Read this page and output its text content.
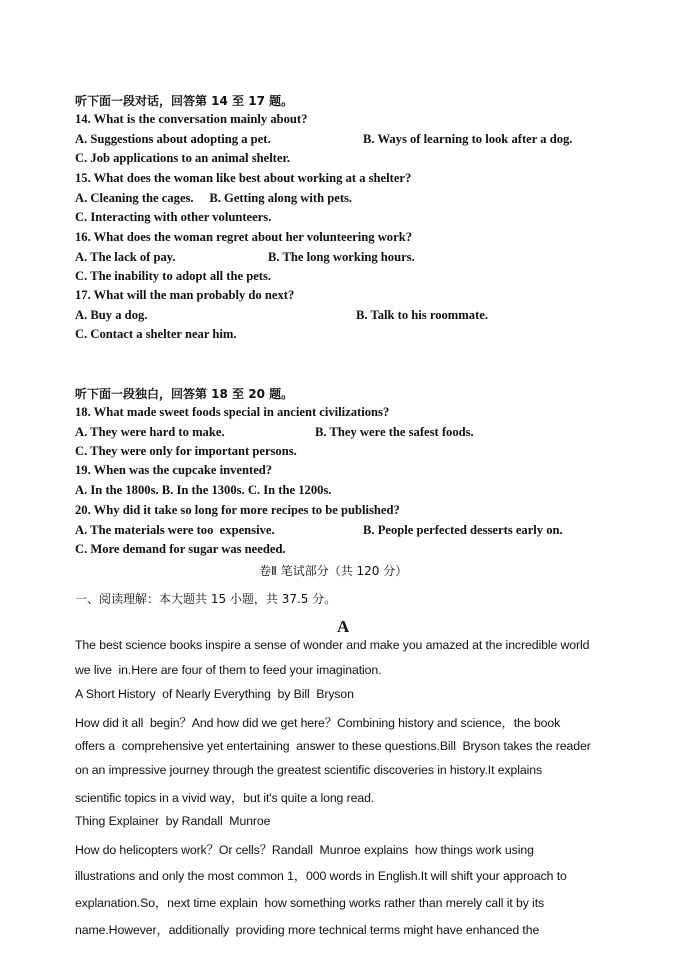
听下面一段对话，回答第 14 至 17 题。
14. What is the conversation mainly about?
A. Suggestions about adopting a pet.	B. Ways of learning to look after a dog.
C. Job applications to an animal shelter.
15. What does the woman like best about working at a shelter?
A. Cleaning the cages.     B. Getting along with pets.
C. Interacting with other volunteers.
16. What does the woman regret about her volunteering work?
A. The lack of pay.	B. The long working hours.
C. The inability to adopt all the pets.
17. What will the man probably do next?
A. Buy a dog.	B. Talk to his roommate.
C. Contact a shelter near him.
听下面一段独白，回答第 18 至 20 题。
18. What made sweet foods special in ancient civilizations?
A. They were hard to make.	B. They were the safest foods.
C. They were only for important persons.
19. When was the cupcake invented?
A. In the 1800s. B. In the 1300s. C. In the 1200s.
20. Why did it take so long for more recipes to be published?
A. The materials were too  expensive.	B. People perfected desserts early on.
C. More demand for sugar was needed.
卷Ⅱ 笔试部分（共 120 分）
一、阅读理解：本大题共 15 小题，共 37.5 分。
A
The best science books inspire a sense of wonder and make you amazed at the incredible world
we live  in.Here are four of them to feed your imagination.
A Short History  of Nearly Everything  by Bill  Bryson
How did it all  begin？And how did we get here？Combining history and science，the book
offers a  comprehensive yet entertaining  answer to these questions.Bill  Bryson takes the reader
on an impressive journey through the greatest scientific discoveries in history.It explains
scientific topics in a vivid way，but it's quite a long read.
Thing Explainer  by Randall  Munroe
How do helicopters work？Or cells？Randall  Munroe explains  how things work using
illustrations and only the most common 1，000 words in English.It will shift your approach to
explanation.So，next time explain  how something works rather than merely call it by its
name.However，additionally  providing more technical terms might have enhanced the
